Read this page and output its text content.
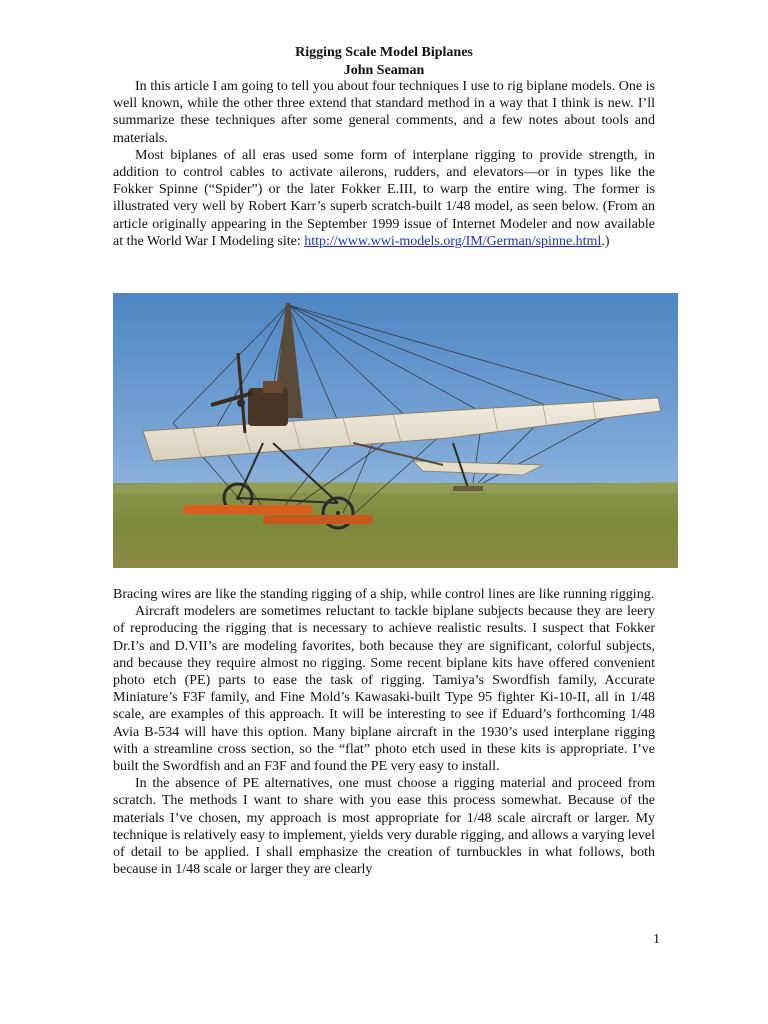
Rigging Scale Model Biplanes
John Seaman

In this article I am going to tell you about four techniques I use to rig biplane models. One is well known, while the other three extend that standard method in a way that I think is new. I’ll summarize these techniques after some general comments, and a few notes about tools and materials.

Most biplanes of all eras used some form of interplane rigging to provide strength, in addition to control cables to activate ailerons, rudders, and elevators—or in types like the Fokker Spinne (“Spider”) or the later Fokker E.III, to warp the entire wing. The former is illustrated very well by Robert Karr’s superb scratch-built 1/48 model, as seen below. (From an article originally appearing in the September 1999 issue of Internet Modeler and now available at the World War I Modeling site: http://www.wwi-models.org/IM/German/spinne.html.)

Bracing wires are like the standing rigging of a ship, while control lines are like running rigging.

Aircraft modelers are sometimes reluctant to tackle biplane subjects because they are leery of reproducing the rigging that is necessary to achieve realistic results. I suspect that Fokker Dr.I’s and D.VII’s are modeling favorites, both because they are significant, colorful subjects, and because they require almost no rigging. Some recent biplane kits have offered convenient photo etch (PE) parts to ease the task of rigging. Tamiya’s Swordfish family, Accurate Miniature’s F3F family, and Fine Mold’s Kawasaki-built Type 95 fighter Ki-10-II, all in 1/48 scale, are examples of this approach. It will be interesting to see if Eduard’s forthcoming 1/48 Avia B-534 will have this option. Many biplane aircraft in the 1930’s used interplane rigging with a streamline cross section, so the “flat” photo etch used in these kits is appropriate. I’ve built the Swordfish and an F3F and found the PE very easy to install.

In the absence of PE alternatives, one must choose a rigging material and proceed from scratch. The methods I want to share with you ease this process somewhat. Because of the materials I’ve chosen, my approach is most appropriate for 1/48 scale aircraft or larger. My technique is relatively easy to implement, yields very durable rigging, and allows a varying level of detail to be applied. I shall emphasize the creation of turnbuckles in what follows, both because in 1/48 scale or larger they are clearly

1
